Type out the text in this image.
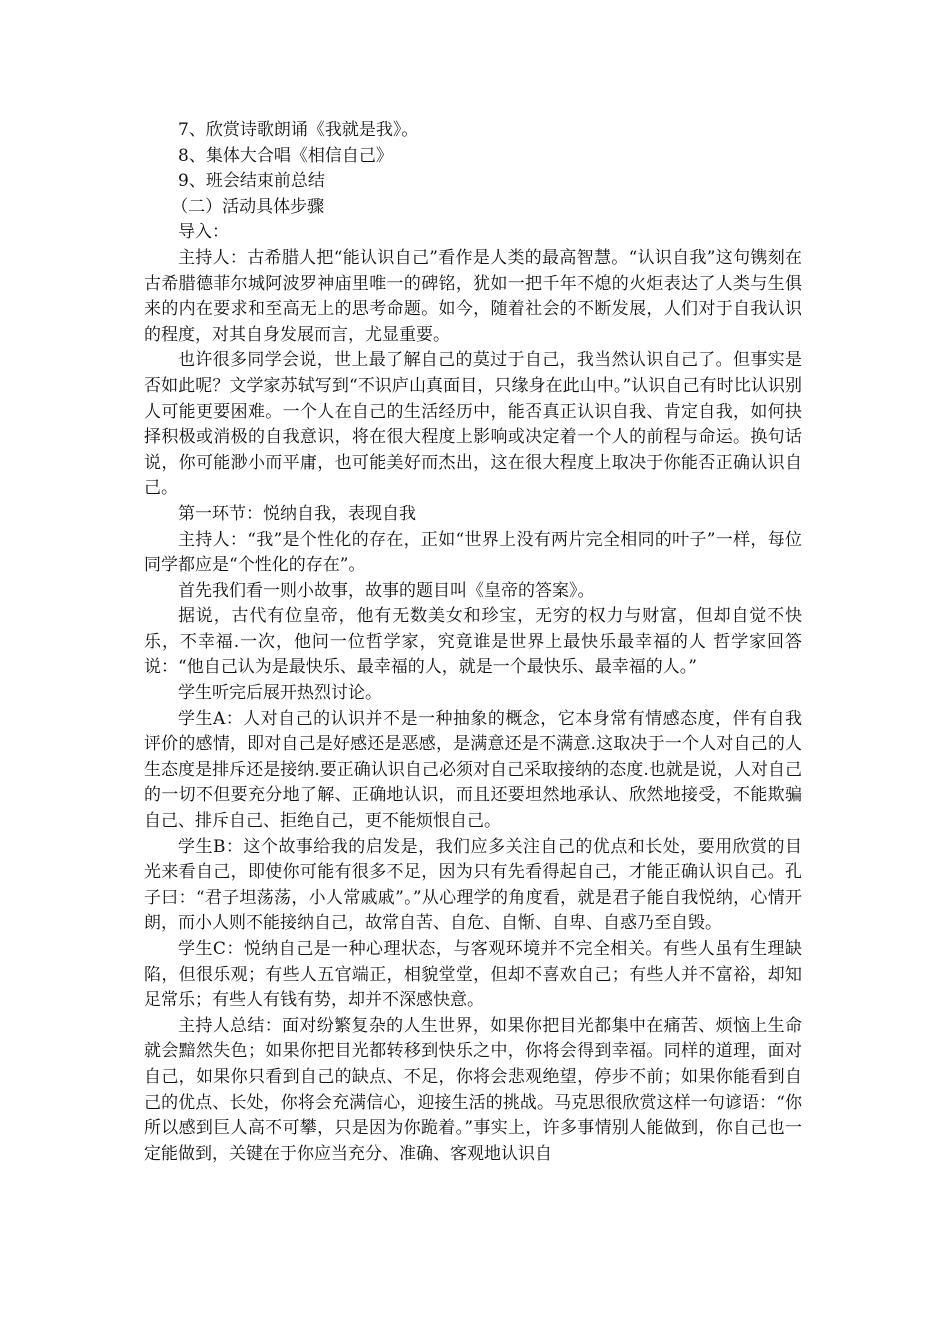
7、欣赏诗歌朗诵《我就是我》。

8、集体大合唱《相信自己》

9、班会结束前总结

（二）活动具体步骤

导入：

主持人：古希腊人把“能认识自己”看作是人类的最高智慧。“认识自我”这句镌刻在古希腊德菲尔城阿波罗神庙里唯一的碑铭，犹如一把千年不熄的火炬表达了人类与生俱来的内在要求和至高无上的思考命题。如今，随着社会的不断发展，人们对于自我认识的程度，对其自身发展而言，尤显重要。

也许很多同学会说，世上最了解自己的莫过于自己，我当然认识自己了。但事实是否如此呢？文学家苏轼写到“不识庐山真面目，只缘身在此山中。”认识自己有时比认识别人可能更要困难。一个人在自己的生活经历中，能否真正认识自我、肯定自我，如何抉择积极或消极的自我意识，将在很大程度上影响或决定着一个人的前程与命运。换句话说，你可能渺小而平庸，也可能美好而杰出，这在很大程度上取决于你能否正确认识自己。

第一环节：悦纳自我，表现自我

主持人：“我”是个性化的存在，正如“世界上没有两片完全相同的叶子”一样，每位同学都应是“个性化的存在”。

首先我们看一则小故事，故事的题目叫《皇帝的答案》。

据说，古代有位皇帝，他有无数美女和珍宝，无穷的权力与财富，但却自觉不快乐，不幸福.一次，他问一位哲学家，究竟谁是世界上最快乐最幸福的人 哲学家回答说：“他自己认为是最快乐、最幸福的人，就是一个最快乐、最幸福的人。”

学生听完后展开热烈讨论。

学生A：人对自己的认识并不是一种抽象的概念，它本身常有情感态度，伴有自我评价的感情，即对自己是好感还是恶感，是满意还是不满意.这取决于一个人对自己的人生态度是排斥还是接纳.要正确认识自己必须对自己采取接纳的态度.也就是说，人对自己的一切不但要充分地了解、正确地认识，而且还要坦然地承认、欣然地接受，不能欺骗自己、排斥自己、拒绝自己，更不能烦恨自己。

学生B：这个故事给我的启发是，我们应多关注自己的优点和长处，要用欣赏的目光来看自己，即使你可能有很多不足，因为只有先看得起自己，才能正确认识自己。孔子曰：“君子坦荡荡，小人常戚戚”。”从心理学的角度看，就是君子能自我悦纳，心情开朗，而小人则不能接纳自己，故常自苦、自危、自惭、自卑、自惑乃至自毁。

学生C：悦纳自己是一种心理状态，与客观环境并不完全相关。有些人虽有生理缺陷，但很乐观；有些人五官端正，相貌堂堂，但却不喜欢自己；有些人并不富裕，却知足常乐；有些人有钱有势，却并不深感快意。

主持人总结：面对纷繁复杂的人生世界，如果你把目光都集中在痛苦、烦恼上生命就会黯然失色；如果你把目光都转移到快乐之中，你将会得到幸福。同样的道理，面对自己，如果你只看到自己的缺点、不足，你将会悲观绝望，停步不前；如果你能看到自己的优点、长处，你将会充满信心，迎接生活的挑战。马克思很欣赏这样一句谚语：“你所以感到巨人高不可攀，只是因为你跪着。”事实上，许多事情别人能做到，你自己也一定能做到，关键在于你应当充分、准确、客观地认识自
